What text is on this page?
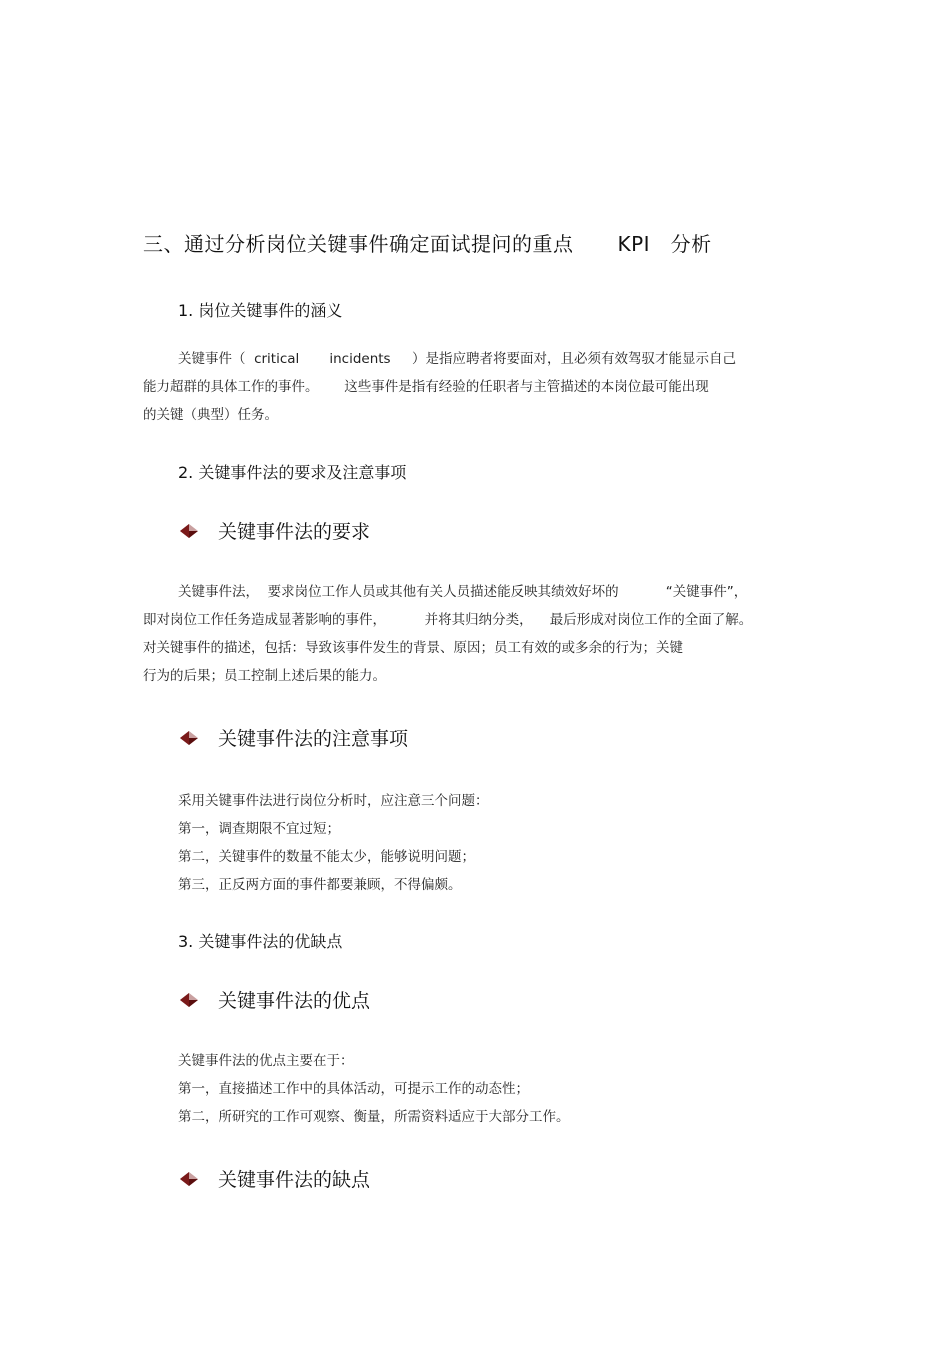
三、通过分析岗位关键事件确定面试提问的重点 KPI   分析
1. 岗位关键事件的涵义
关键事件（  critical       incidents     ）是指应聘者将要面对，且必须有效驾驭才能显示自己
能力超群的具体工作的事件。      这些事件是指有经验的任职者与主管描述的本岗位最可能出现
的关键（典型）任务。
2. 关键事件法的要求及注意事项
关键事件法的要求
关键事件法，  要求岗位工作人员或其他有关人员描述能反映其绩效好坏的           “关键事件”，
即对岗位工作任务造成显著影响的事件，         并将其归纳分类，    最后形成对岗位工作的全面了解。
对关键事件的描述，包括：导致该事件发生的背景、原因；员工有效的或多余的行为；关键
行为的后果；员工控制上述后果的能力。
关键事件法的注意事项
采用关键事件法进行岗位分析时，应注意三个问题：
第一，调查期限不宜过短；
第二，关键事件的数量不能太少，能够说明问题；
第三，正反两方面的事件都要兼顾，不得偏颇。
3. 关键事件法的优缺点
关键事件法的优点
关键事件法的优点主要在于：
第一，直接描述工作中的具体活动，可提示工作的动态性；
第二，所研究的工作可观察、衡量，所需资料适应于大部分工作。
关键事件法的缺点
